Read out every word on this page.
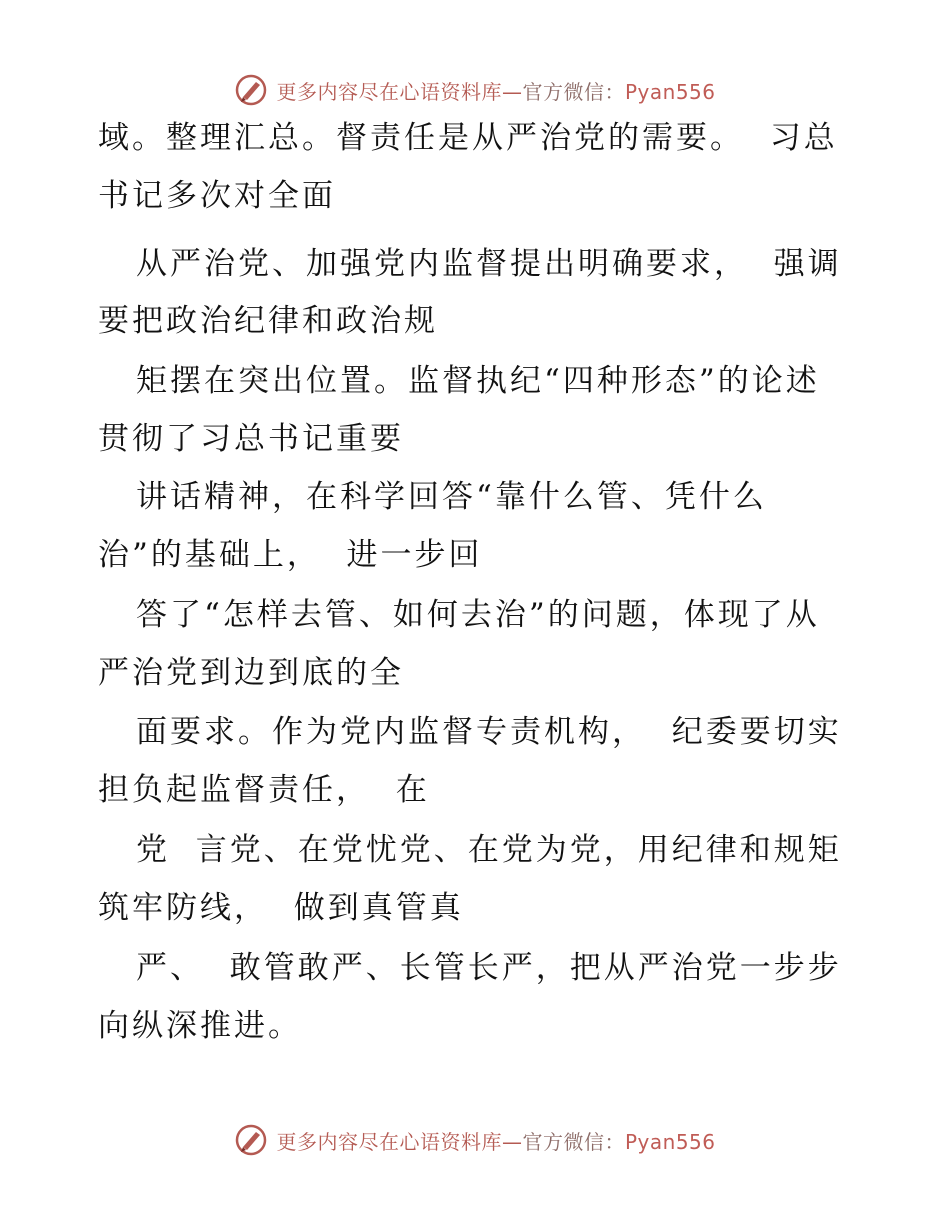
更多内容尽在心语资料库—官方微信：Pyan556
域。整理汇总。督责任是从严治党的需要。  习总
书记多次对全面
从严治党、加强党内监督提出明确要求，  强调
要把政治纪律和政治规
矩摆在突出位置。监督执纪“四种形态”的论述
贯彻了习总书记重要
讲话精神，在科学回答“靠什么管、凭什么
治”的基础上，  进一步回
答了“怎样去管、如何去治”的问题，体现了从
严治党到边到底的全
面要求。作为党内监督专责机构，  纪委要切实
担负起监督责任，  在
党  言党、在党忧党、在党为党，用纪律和规矩
筑牢防线，  做到真管真
严、  敢管敢严、长管长严，把从严治党一步步
向纵深推进。
更多内容尽在心语资料库—官方微信：Pyan556
